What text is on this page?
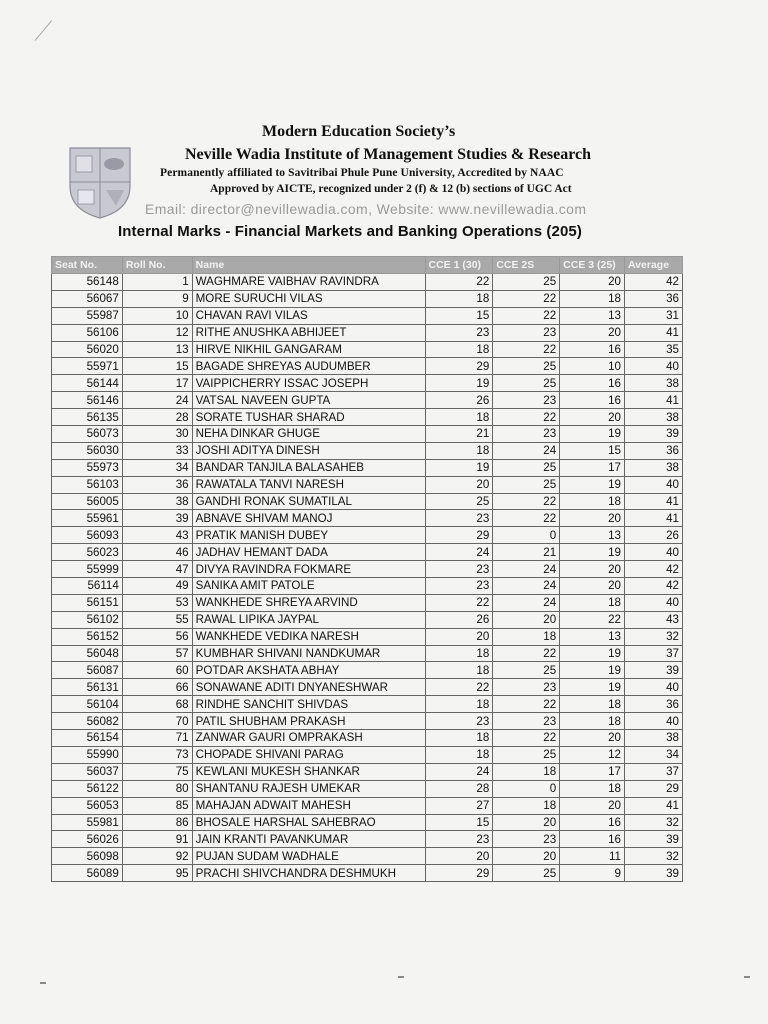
Modern Education Society’s
Neville Wadia Institute of Management Studies & Research
Permanently affiliated to Savitribai Phule Pune University, Accredited by NAAC
Approved by AICTE, recognized under 2 (f) & 12 (b) sections of UGC Act
Email: director@nevillewadia.com, Website: www.nevillewadia.com
Internal Marks - Financial Markets and Banking Operations (205)
Seat No.	Roll No.	Name	CCE 1 (30)	CCE 2S	CCE 3 (25)	Average
56148	1	WAGHMARE VAIBHAV RAVINDRA	22	25	20	42
56067	9	MORE SURUCHI VILAS	18	22	18	36
55987	10	CHAVAN RAVI VILAS	15	22	13	31
56106	12	RITHE ANUSHKA ABHIJEET	23	23	20	41
56020	13	HIRVE NIKHIL GANGARAM	18	22	16	35
55971	15	BAGADE SHREYAS AUDUMBER	29	25	10	40
56144	17	VAIPPICHERRY ISSAC JOSEPH	19	25	16	38
56146	24	VATSAL NAVEEN GUPTA	26	23	16	41
56135	28	SORATE TUSHAR SHARAD	18	22	20	38
56073	30	NEHA DINKAR GHUGE	21	23	19	39
56030	33	JOSHI ADITYA DINESH	18	24	15	36
55973	34	BANDAR TANJILA BALASAHEB	19	25	17	38
56103	36	RAWATALA TANVI NARESH	20	25	19	40
56005	38	GANDHI RONAK SUMATILAL	25	22	18	41
55961	39	ABNAVE SHIVAM MANOJ	23	22	20	41
56093	43	PRATIK MANISH DUBEY	29	0	13	26
56023	46	JADHAV HEMANT DADA	24	21	19	40
55999	47	DIVYA RAVINDRA FOKMARE	23	24	20	42
56114	49	SANIKA AMIT PATOLE	23	24	20	42
56151	53	WANKHEDE SHREYA ARVIND	22	24	18	40
56102	55	RAWAL LIPIKA JAYPAL	26	20	22	43
56152	56	WANKHEDE VEDIKA NARESH	20	18	13	32
56048	57	KUMBHAR SHIVANI NANDKUMAR	18	22	19	37
56087	60	POTDAR AKSHATA ABHAY	18	25	19	39
56131	66	SONAWANE ADITI DNYANESHWAR	22	23	19	40
56104	68	RINDHE SANCHIT SHIVDAS	18	22	18	36
56082	70	PATIL SHUBHAM PRAKASH	23	23	18	40
56154	71	ZANWAR GAURI OMPRAKASH	18	22	20	38
55990	73	CHOPADE SHIVANI PARAG	18	25	12	34
56037	75	KEWLANI MUKESH SHANKAR	24	18	17	37
56122	80	SHANTANU RAJESH UMEKAR	28	0	18	29
56053	85	MAHAJAN ADWAIT MAHESH	27	18	20	41
55981	86	BHOSALE HARSHAL SAHEBRAO	15	20	16	32
56026	91	JAIN KRANTI PAVANKUMAR	23	23	16	39
56098	92	PUJAN SUDAM WADHALE	20	20	11	32
56089	95	PRACHI SHIVCHANDRA DESHMUKH	29	25	9	39
